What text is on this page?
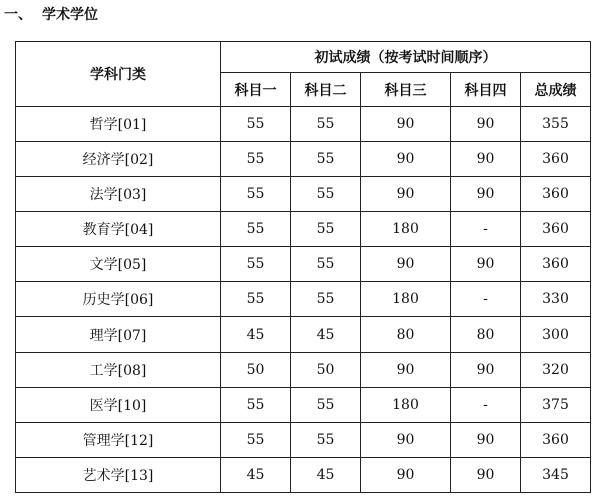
一、 学术学位
学科门类	初试成绩（按考试时间顺序）				
	科目一	科目二	科目三	科目四	总成绩
哲学[01]	55	55	90	90	355
经济学[02]	55	55	90	90	360
法学[03]	55	55	90	90	360
教育学[04]	55	55	180	-	360
文学[05]	55	55	90	90	360
历史学[06]	55	55	180	-	330
理学[07]	45	45	80	80	300
工学[08]	50	50	90	90	320
医学[10]	55	55	180	-	375
管理学[12]	55	55	90	90	360
艺术学[13]	45	45	90	90	345
